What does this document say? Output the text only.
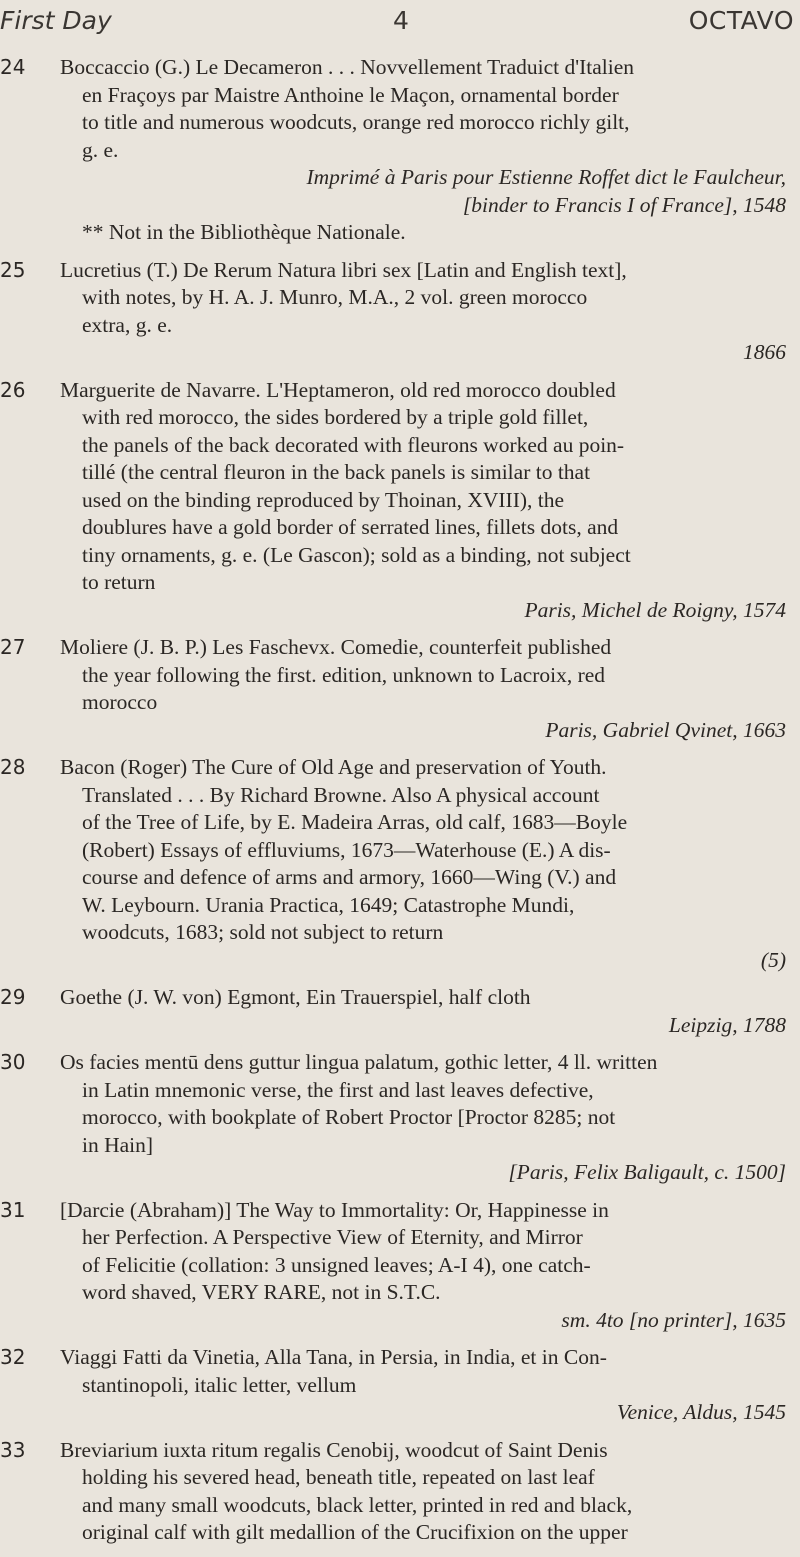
First Day	4	OCTAVO
24 Boccaccio (G.) Le Decameron . . . Novvellement Traduict d'Italien
en Fraçoys par Maistre Anthoine le Maçon, ornamental border
to title and numerous woodcuts, orange red morocco richly gilt,
g. e.
Imprimé à Paris pour Estienne Roffet dict le Faulcheur,
[binder to Francis I of France], 1548
** Not in the Bibliothèque Nationale.
25 Lucretius (T.) De Rerum Natura libri sex [Latin and English text],
with notes, by H. A. J. Munro, M.A., 2 vol. green morocco
extra, g. e.
1866
26 Marguerite de Navarre. L'Heptameron, old red morocco doubled
with red morocco, the sides bordered by a triple gold fillet,
the panels of the back decorated with fleurons worked au poin-
tillé (the central fleuron in the back panels is similar to that
used on the binding reproduced by Thoinan, XVIII), the
doublures have a gold border of serrated lines, fillets dots, and
tiny ornaments, g. e. (Le Gascon); sold as a binding, not subject
to return
Paris, Michel de Roigny, 1574
27 Moliere (J. B. P.) Les Faschevx. Comedie, counterfeit published
the year following the first. edition, unknown to Lacroix, red
morocco
Paris, Gabriel Qvinet, 1663
28 Bacon (Roger) The Cure of Old Age and preservation of Youth.
Translated . . . By Richard Browne. Also A physical account
of the Tree of Life, by E. Madeira Arras, old calf, 1683—Boyle
(Robert) Essays of effluviums, 1673—Waterhouse (E.) A dis-
course and defence of arms and armory, 1660—Wing (V.) and
W. Leybourn. Urania Practica, 1649; Catastrophe Mundi,
woodcuts, 1683; sold not subject to return
(5)
29 Goethe (J. W. von) Egmont, Ein Trauerspiel, half cloth
Leipzig, 1788
30 Os facies mentū dens guttur lingua palatum, gothic letter, 4 ll. written
in Latin mnemonic verse, the first and last leaves defective,
morocco, with bookplate of Robert Proctor [Proctor 8285; not
in Hain]
[Paris, Felix Baligault, c. 1500]
31 [Darcie (Abraham)] The Way to Immortality: Or, Happinesse in
her Perfection. A Perspective View of Eternity, and Mirror
of Felicitie (collation: 3 unsigned leaves; A-I 4), one catch-
word shaved, VERY RARE, not in S.T.C.
sm. 4to [no printer], 1635
32 Viaggi Fatti da Vinetia, Alla Tana, in Persia, in India, et in Con-
stantinopoli, italic letter, vellum
Venice, Aldus, 1545
33 Breviarium iuxta ritum regalis Cenobij, woodcut of Saint Denis
holding his severed head, beneath title, repeated on last leaf
and many small woodcuts, black letter, printed in red and black,
original calf with gilt medallion of the Crucifixion on the upper
